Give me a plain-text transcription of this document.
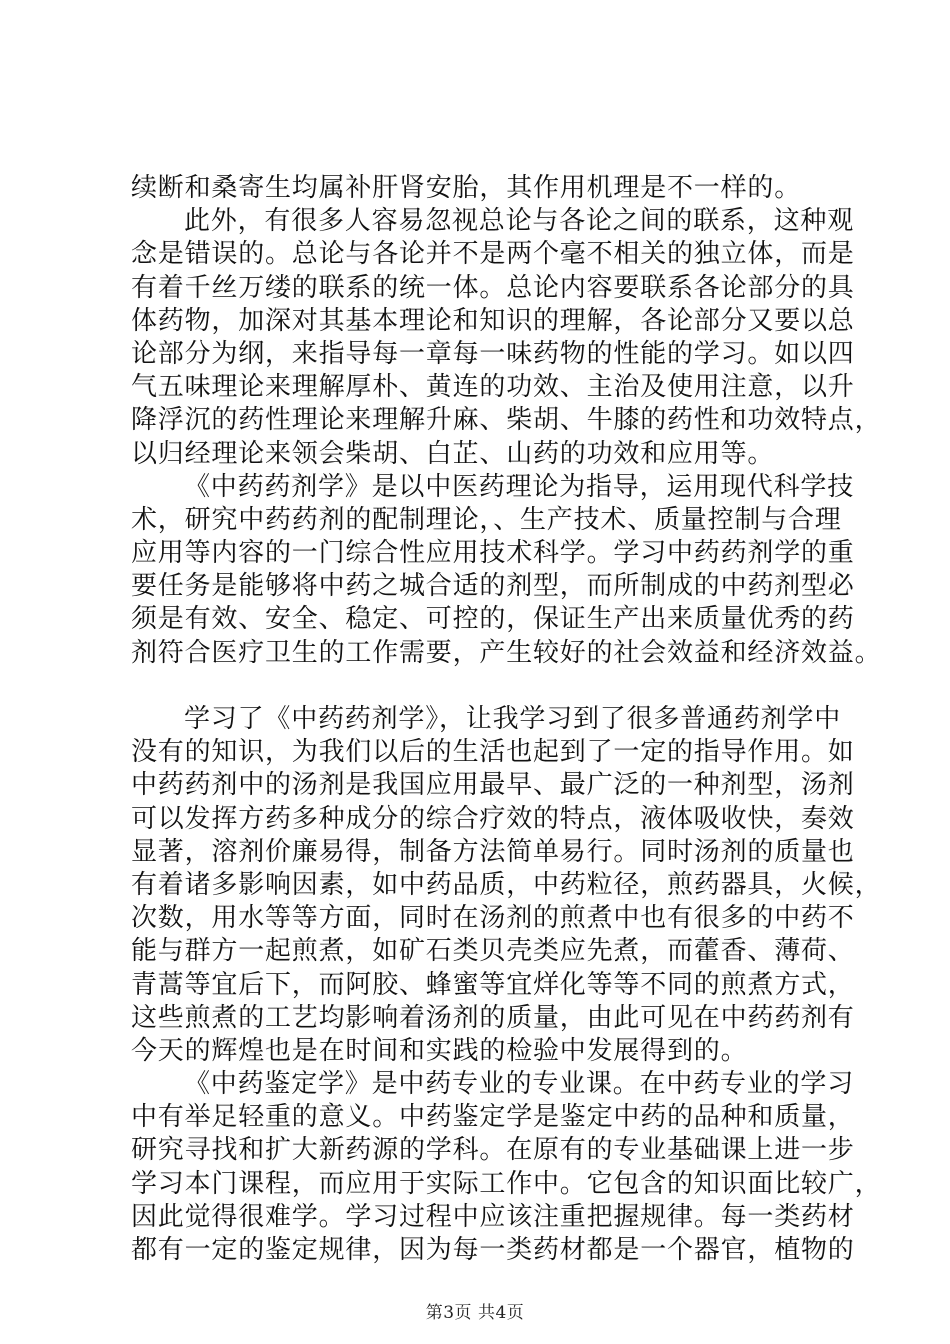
续断和桑寄生均属补肝肾安胎，其作用机理是不一样的。
此外，有很多人容易忽视总论与各论之间的联系，这种观
念是错误的。总论与各论并不是两个毫不相关的独立体，而是
有着千丝万缕的联系的统一体。总论内容要联系各论部分的具
体药物，加深对其基本理论和知识的理解，各论部分又要以总
论部分为纲，来指导每一章每一味药物的性能的学习。如以四
气五味理论来理解厚朴、黄连的功效、主治及使用注意，以升
降浮沉的药性理论来理解升麻、柴胡、牛膝的药性和功效特点，
以归经理论来领会柴胡、白芷、山药的功效和应用等。
《中药药剂学》是以中医药理论为指导，运用现代科学技
术，研究中药药剂的配制理论，、生产技术、质量控制与合理
应用等内容的一门综合性应用技术科学。学习中药药剂学的重
要任务是能够将中药之城合适的剂型，而所制成的中药剂型必
须是有效、安全、稳定、可控的，保证生产出来质量优秀的药
剂符合医疗卫生的工作需要，产生较好的社会效益和经济效益。
学习了《中药药剂学》，让我学习到了很多普通药剂学中
没有的知识，为我们以后的生活也起到了一定的指导作用。如
中药药剂中的汤剂是我国应用最早、最广泛的一种剂型，汤剂
可以发挥方药多种成分的综合疗效的特点，液体吸收快，奏效
显著，溶剂价廉易得，制备方法简单易行。同时汤剂的质量也
有着诸多影响因素，如中药品质，中药粒径，煎药器具，火候，
次数，用水等等方面，同时在汤剂的煎煮中也有很多的中药不
能与群方一起煎煮，如矿石类贝壳类应先煮，而藿香、薄荷、
青蒿等宜后下，而阿胶、蜂蜜等宜烊化等等不同的煎煮方式，
这些煎煮的工艺均影响着汤剂的质量，由此可见在中药药剂有
今天的辉煌也是在时间和实践的检验中发展得到的。
《中药鉴定学》是中药专业的专业课。在中药专业的学习
中有举足轻重的意义。中药鉴定学是鉴定中药的品种和质量，
研究寻找和扩大新药源的学科。在原有的专业基础课上进一步
学习本门课程，而应用于实际工作中。它包含的知识面比较广，
因此觉得很难学。学习过程中应该注重把握规律。每一类药材
都有一定的鉴定规律，因为每一类药材都是一个器官，植物的
第3页 共4页
